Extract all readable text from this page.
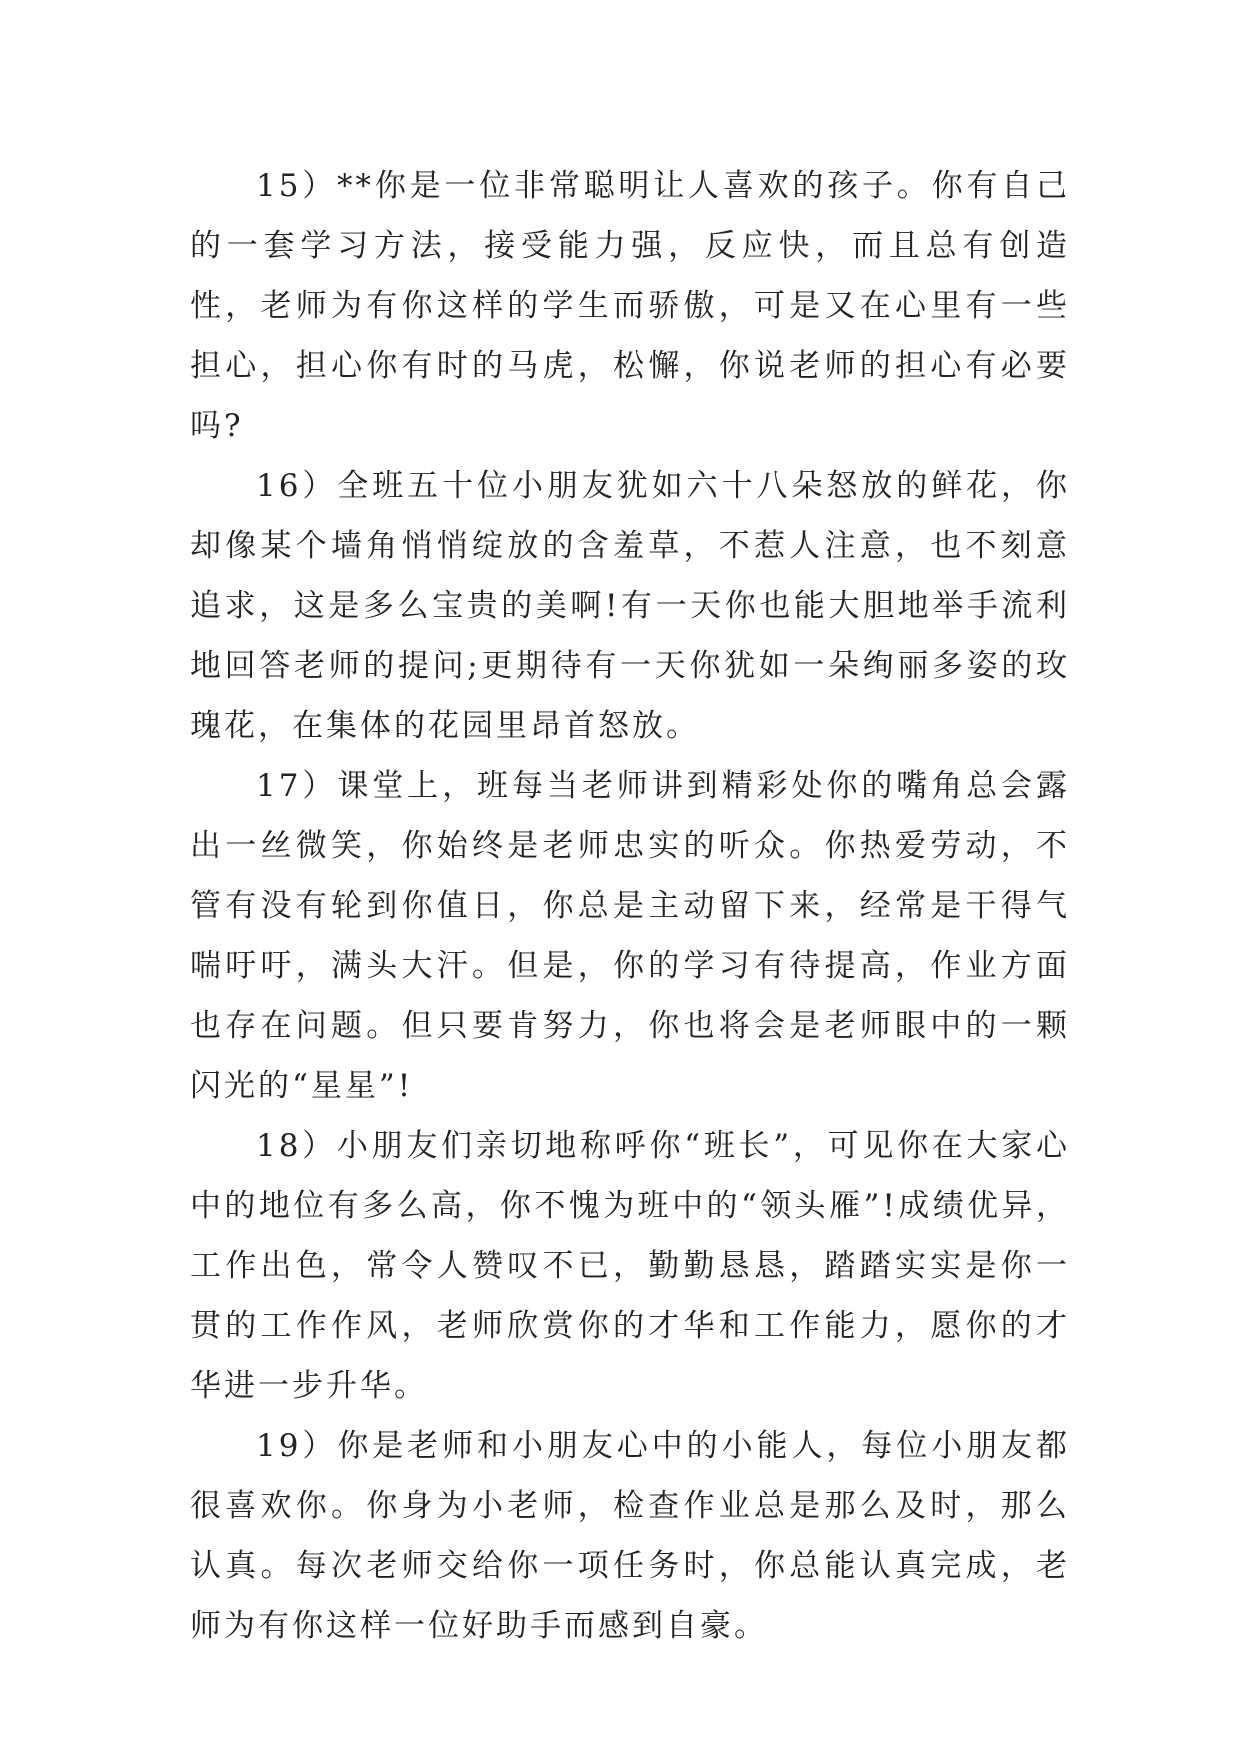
15）**你是一位非常聪明让人喜欢的孩子。你有自己的一套学习方法，接受能力强，反应快，而且总有创造性，老师为有你这样的学生而骄傲，可是又在心里有一些担心，担心你有时的马虎，松懈，你说老师的担心有必要吗?

16）全班五十位小朋友犹如六十八朵怒放的鲜花，你却像某个墙角悄悄绽放的含羞草，不惹人注意，也不刻意追求，这是多么宝贵的美啊!有一天你也能大胆地举手流利地回答老师的提问;更期待有一天你犹如一朵绚丽多姿的玫瑰花，在集体的花园里昂首怒放。

17）课堂上，班每当老师讲到精彩处你的嘴角总会露出一丝微笑，你始终是老师忠实的听众。你热爱劳动，不管有没有轮到你值日，你总是主动留下来，经常是干得气喘吁吁，满头大汗。但是，你的学习有待提高，作业方面也存在问题。但只要肯努力，你也将会是老师眼中的一颗闪光的“星星”!

18）小朋友们亲切地称呼你“班长”，可见你在大家心中的地位有多么高，你不愧为班中的“领头雁”!成绩优异，工作出色，常令人赞叹不已，勤勤恳恳，踏踏实实是你一贯的工作作风，老师欣赏你的才华和工作能力，愿你的才华进一步升华。

19）你是老师和小朋友心中的小能人，每位小朋友都很喜欢你。你身为小老师，检查作业总是那么及时，那么认真。每次老师交给你一项任务时，你总能认真完成，老师为有你这样一位好助手而感到自豪。
